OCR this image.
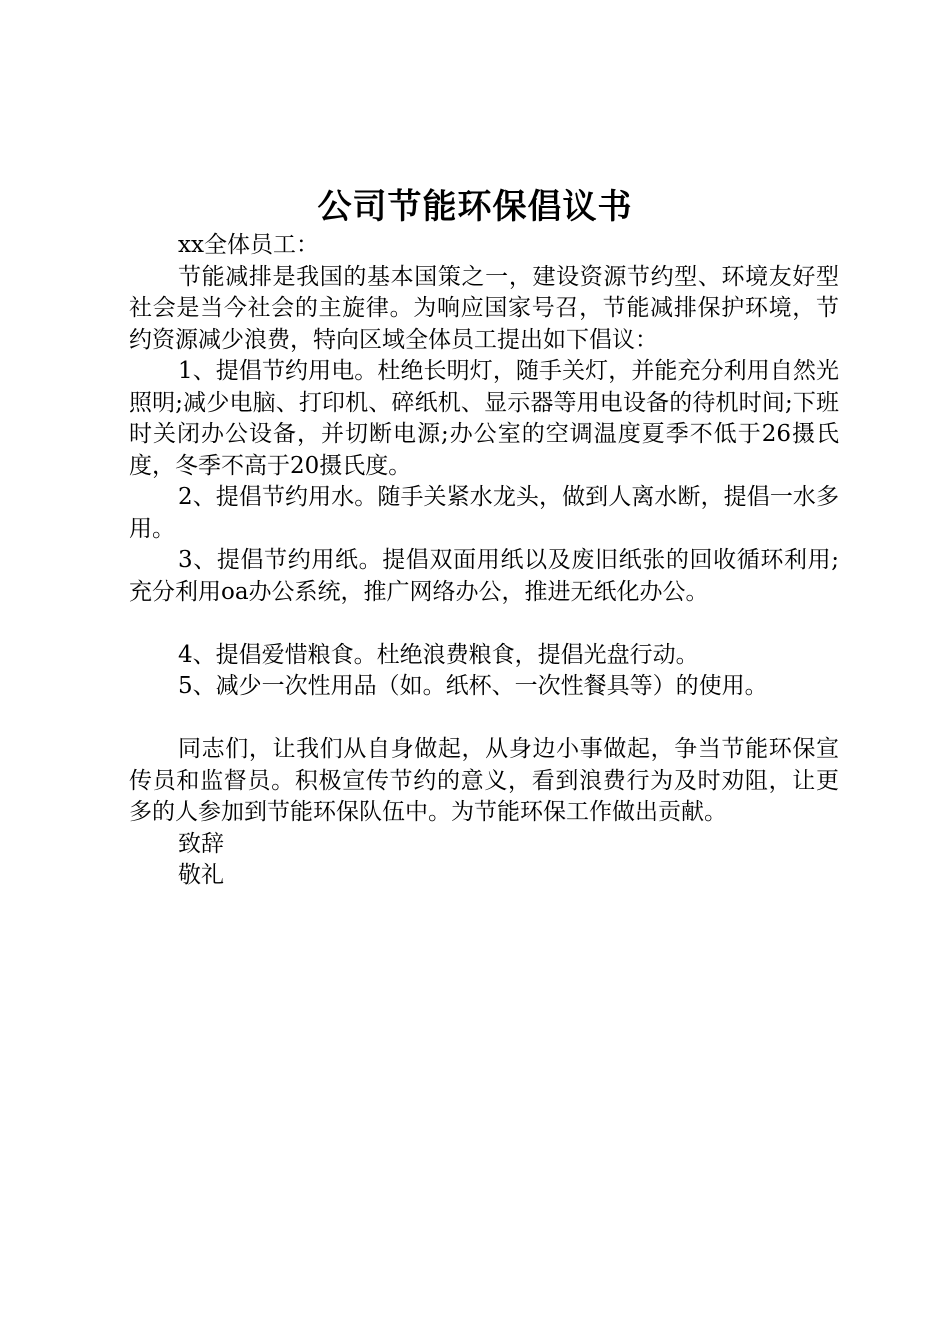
公司节能环保倡议书

xx全体员工：

节能减排是我国的基本国策之一，建设资源节约型、环境友好型社会是当今社会的主旋律。为响应国家号召，节能减排保护环境，节约资源减少浪费，特向区域全体员工提出如下倡议：

1、提倡节约用电。杜绝长明灯，随手关灯，并能充分利用自然光照明;减少电脑、打印机、碎纸机、显示器等用电设备的待机时间;下班时关闭办公设备，并切断电源;办公室的空调温度夏季不低于26摄氏度，冬季不高于20摄氏度。

2、提倡节约用水。随手关紧水龙头，做到人离水断，提倡一水多用。

3、提倡节约用纸。提倡双面用纸以及废旧纸张的回收循环利用;充分利用oa办公系统，推广网络办公，推进无纸化办公。

4、提倡爱惜粮食。杜绝浪费粮食，提倡光盘行动。

5、减少一次性用品（如。纸杯、一次性餐具等）的使用。

同志们，让我们从自身做起，从身边小事做起，争当节能环保宣传员和监督员。积极宣传节约的意义，看到浪费行为及时劝阻，让更多的人参加到节能环保队伍中。为节能环保工作做出贡献。

致辞

敬礼
